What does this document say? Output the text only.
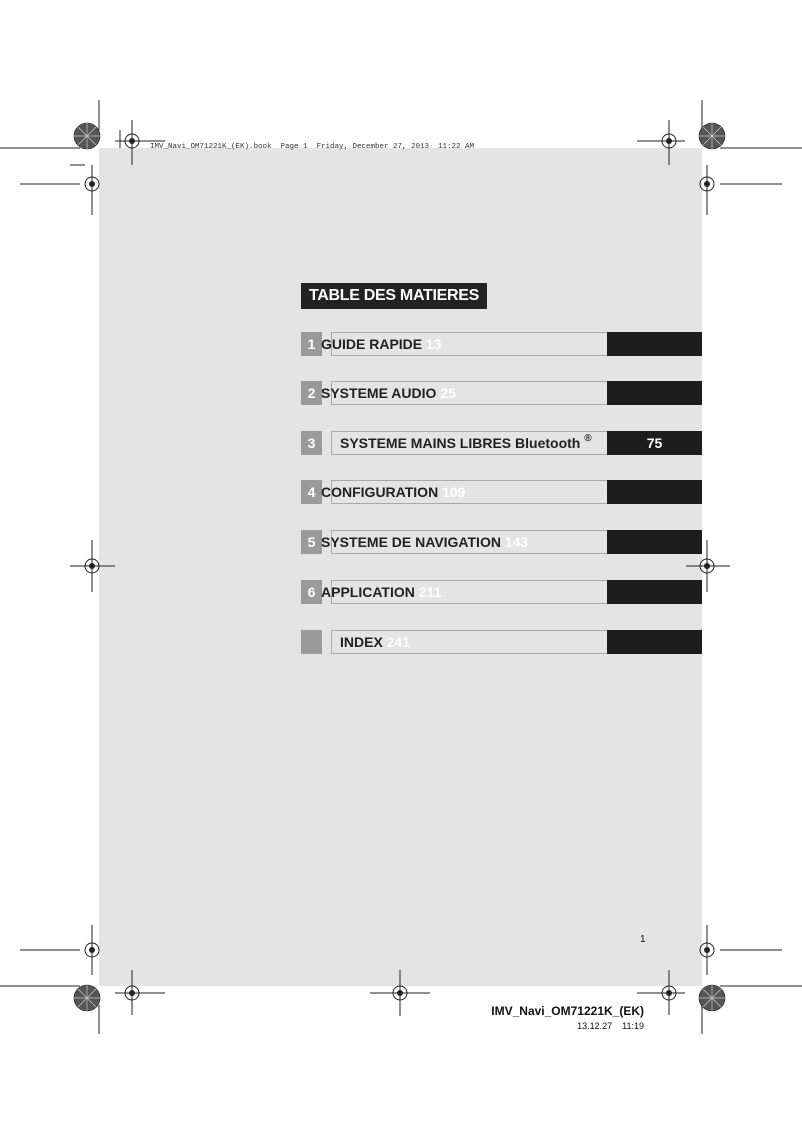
IMV_Navi_OM71221K_(EK).book  Page 1  Friday, December 27, 2013  11:22 AM
TABLE DES MATIERES
1 GUIDE RAPIDE 13
2 SYSTEME AUDIO 25
3	SYSTEME MAINS LIBRES Bluetooth ®	75
4 CONFIGURATION 109
5 SYSTEME DE NAVIGATION 143
6 APPLICATION 211
INDEX 241
1
IMV_Navi_OM71221K_(EK)
13.12.27 11:19
